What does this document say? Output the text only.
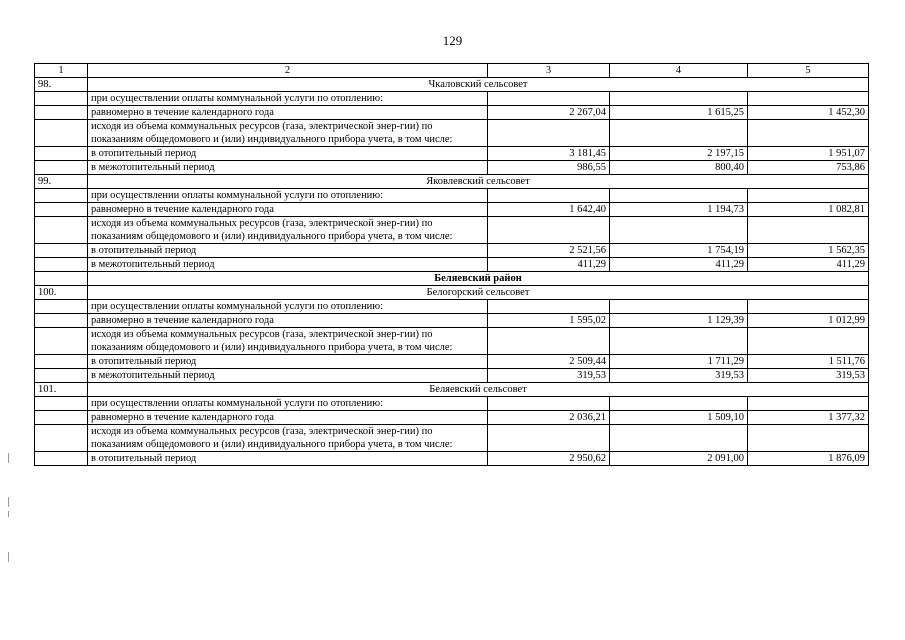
129
1	2	3	4	5
98.	Чкаловский сельсовет			
	при осуществлении оплаты коммунальной услуги по отоплению:			
	равномерно в течение календарного года	2 267,04	1 615,25	1 452,30
	исходя из объема коммунальных ресурсов (газа, электрической энер-гии) по показаниям общедомового и (или) индивидуального прибора учета, в том числе:			
	в отопительный период	3 181,45	2 197,15	1 951,07
	в межотопительный период	986,55	800,40	753,86
99.	Яковлевский сельсовет			
	при осуществлении оплаты коммунальной услуги по отоплению:			
	равномерно в течение календарного года	1 642,40	1 194,73	1 082,81
	исходя из объема коммунальных ресурсов (газа, электрической энер-гии) по показаниям общедомового и (или) индивидуального прибора учета, в том числе:			
	в отопительный период	2 521,56	1 754,19	1 562,35
	в межотопительный период	411,29	411,29	411,29
	Беляевский район			
100.	Белогорский сельсовет			
	при осуществлении оплаты коммунальной услуги по отоплению:			
	равномерно в течение календарного года	1 595,02	1 129,39	1 012,99
	исходя из объема коммунальных ресурсов (газа, электрической энер-гии) по показаниям общедомового и (или) индивидуального прибора учета, в том числе:			
	в отопительный период	2 509,44	1 711,29	1 511,76
	в межотопительный период	319,53	319,53	319,53
101.	Беляевский сельсовет			
	при осуществлении оплаты коммунальной услуги по отоплению:			
	равномерно в течение календарного года	2 036,21	1 509,10	1 377,32
	исходя из объема коммунальных ресурсов (газа, электрической энер-гии) по показаниям общедомового и (или) индивидуального прибора учета, в том числе:			
	в отопительный период	2 950,62	2 091,00	1 876,09
